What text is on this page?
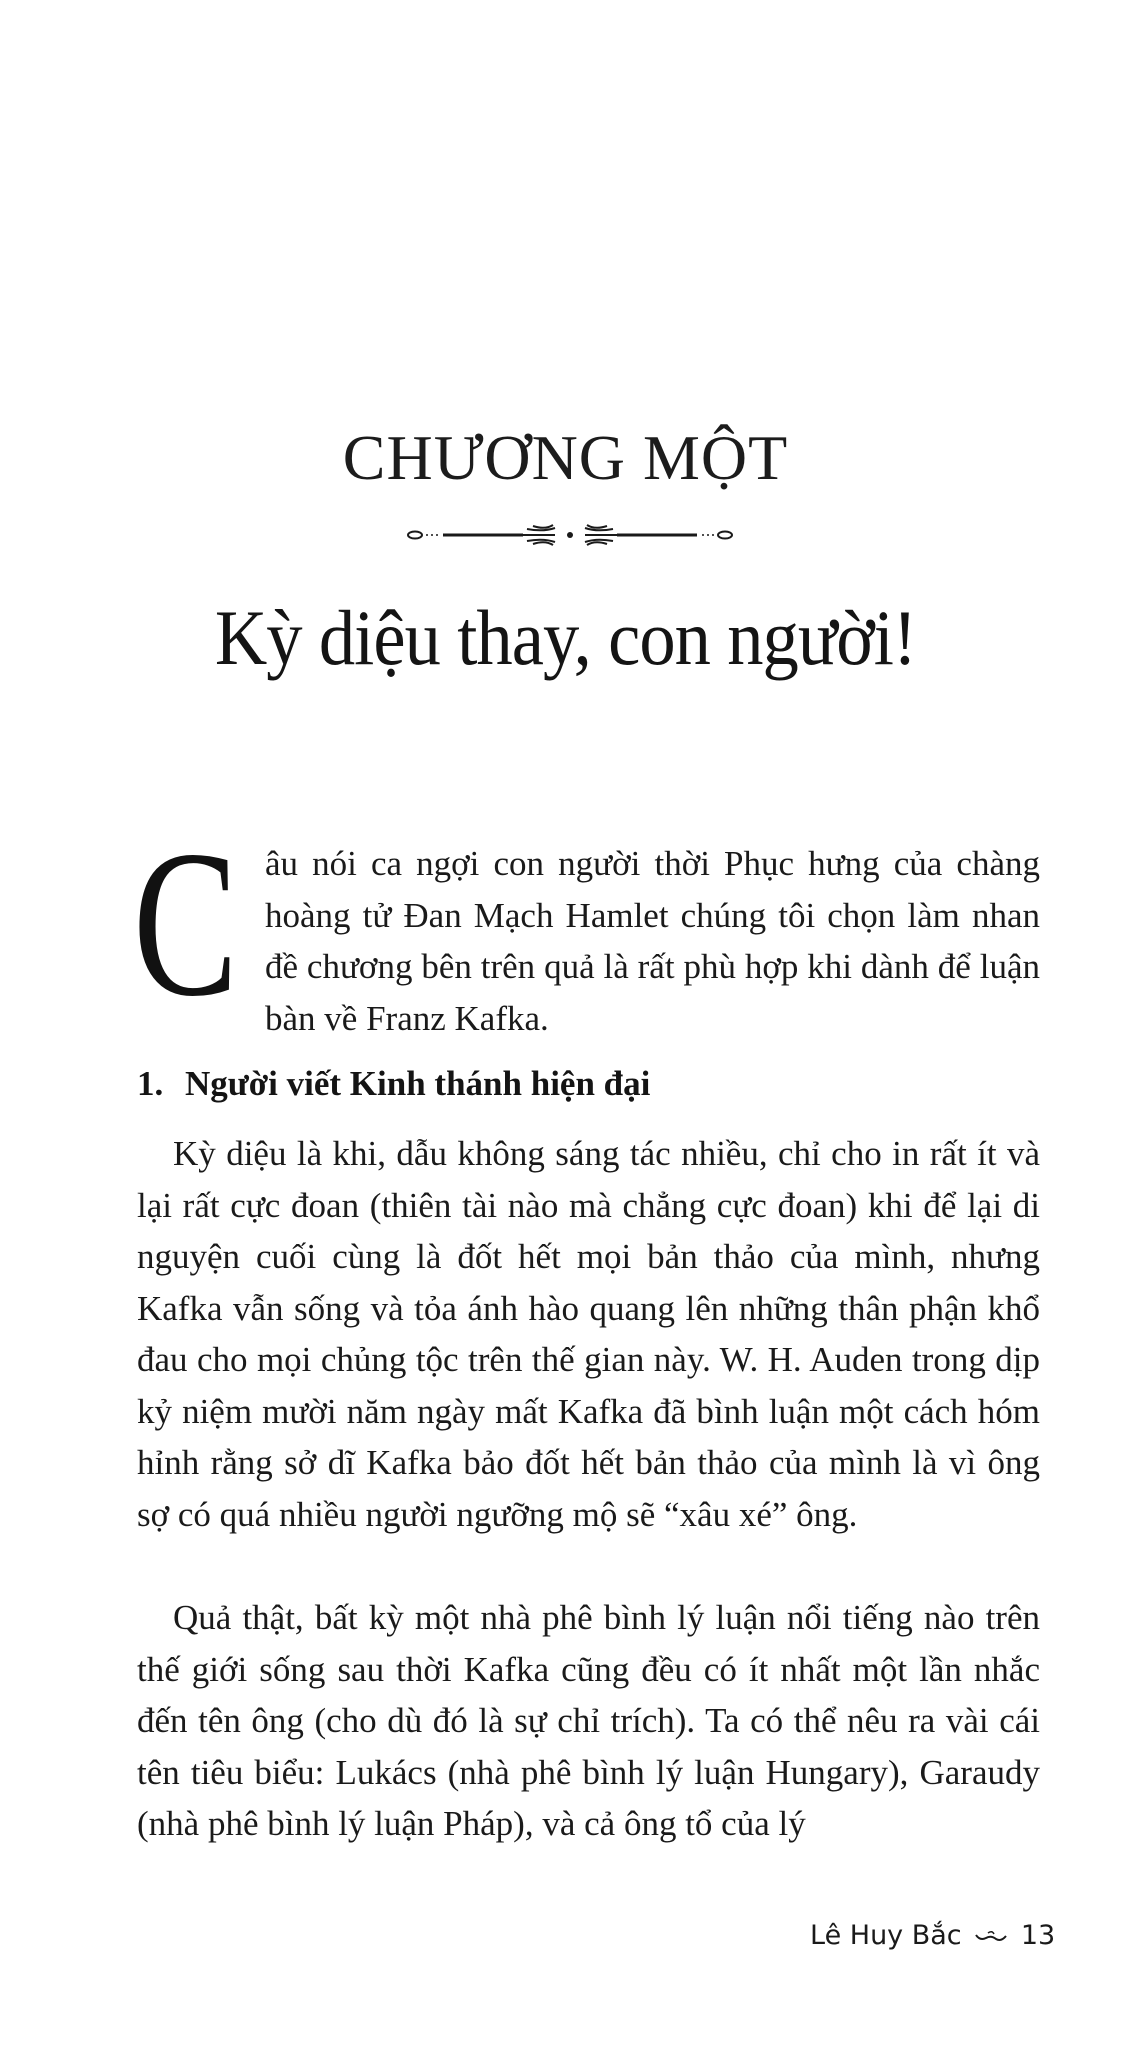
CHƯƠNG MỘT
Kỳ diệu thay, con người!
Câu nói ca ngợi con người thời Phục hưng của chàng hoàng tử Đan Mạch Hamlet chúng tôi chọn làm nhan đề chương bên trên quả là rất phù hợp khi dành để luận bàn về Franz Kafka.
1. Người viết Kinh thánh hiện đại

Kỳ diệu là khi, dẫu không sáng tác nhiều, chỉ cho in rất ít và lại rất cực đoan (thiên tài nào mà chẳng cực đoan) khi để lại di nguyện cuối cùng là đốt hết mọi bản thảo của mình, nhưng Kafka vẫn sống và tỏa ánh hào quang lên những thân phận khổ đau cho mọi chủng tộc trên thế gian này. W. H. Auden trong dịp kỷ niệm mười năm ngày mất Kafka đã bình luận một cách hóm hỉnh rằng sở dĩ Kafka bảo đốt hết bản thảo của mình là vì ông sợ có quá nhiều người ngưỡng mộ sẽ “xâu xé” ông.

Quả thật, bất kỳ một nhà phê bình lý luận nổi tiếng nào trên thế giới sống sau thời Kafka cũng đều có ít nhất một lần nhắc đến tên ông (cho dù đó là sự chỉ trích). Ta có thể nêu ra vài cái tên tiêu biểu: Lukács (nhà phê bình lý luận Hungary), Garaudy (nhà phê bình lý luận Pháp), và cả ông tổ của lý

Lê Huy Bắc 13
